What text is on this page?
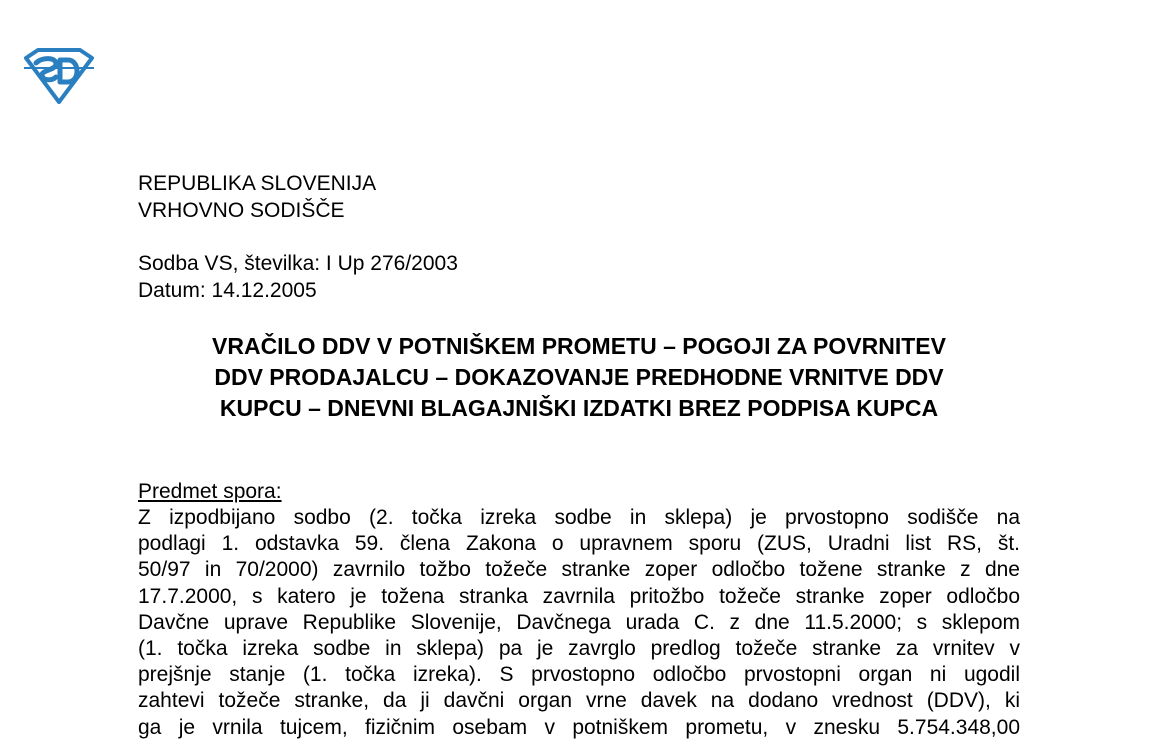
REPUBLIKA SLOVENIJA
VRHOVNO SODIŠČE
Sodba VS, številka: I Up 276/2003
Datum: 14.12.2005
VRAČILO DDV V POTNIŠKEM PROMETU – POGOJI ZA POVRNITEV
DDV PRODAJALCU – DOKAZOVANJE PREDHODNE VRNITVE DDV
KUPCU – DNEVNI BLAGAJNIŠKI IZDATKI BREZ PODPISA KUPCA
Predmet spora:
Z izpodbijano sodbo (2. točka izreka sodbe in sklepa) je prvostopno sodišče na
podlagi 1. odstavka 59. člena Zakona o upravnem sporu (ZUS, Uradni list RS, št.
50/97 in 70/2000) zavrnilo tožbo tožeče stranke zoper odločbo tožene stranke z dne
17.7.2000, s katero je tožena stranka zavrnila pritožbo tožeče stranke zoper odločbo
Davčne uprave Republike Slovenije, Davčnega urada C. z dne 11.5.2000; s sklepom
(1. točka izreka sodbe in sklepa) pa je zavrglo predlog tožeče stranke za vrnitev v
prejšnje stanje (1. točka izreka). S prvostopno odločbo prvostopni organ ni ugodil
zahtevi tožeče stranke, da ji davčni organ vrne davek na dodano vrednost (DDV), ki
ga je vrnila tujcem, fizičnim osebam v potniškem prometu, v znesku 5.754.348,00
